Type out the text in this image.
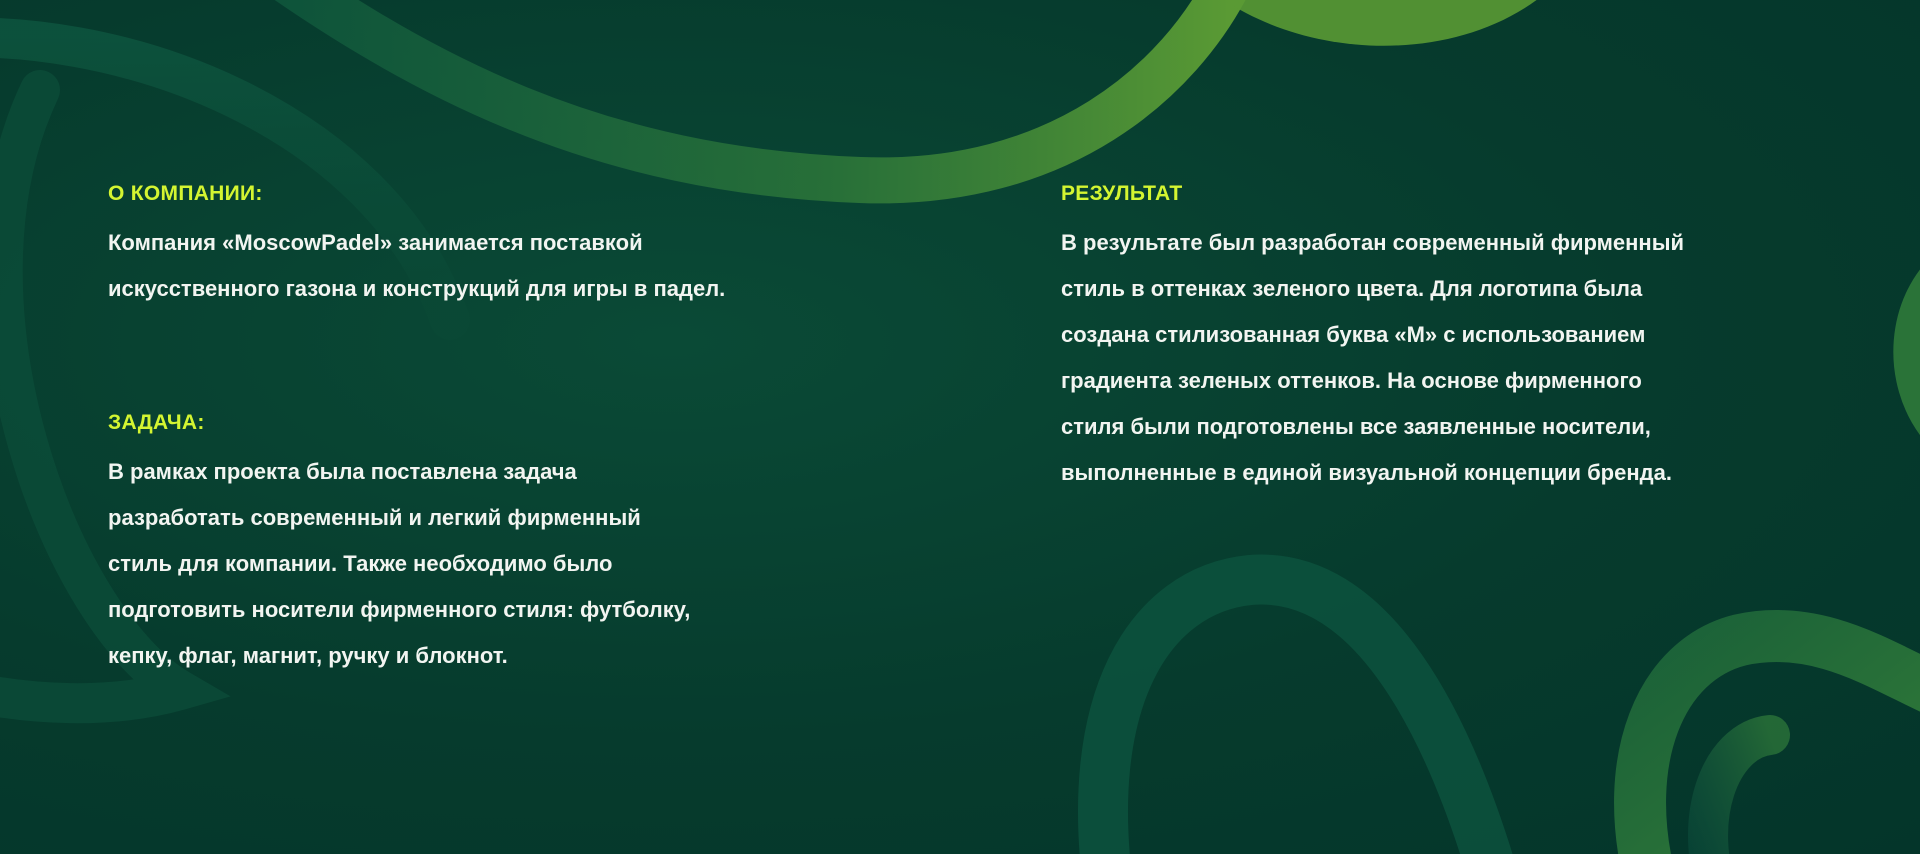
О КОМПАНИИ:
Компания «MoscowPadel» занимается поставкой
искусственного газона и конструкций для игры в падел.
ЗАДАЧА:
В рамках проекта была поставлена задача
разработать современный и легкий фирменный
стиль для компании. Также необходимо было
подготовить носители фирменного стиля: футболку,
кепку, флаг, магнит, ручку и блокнот.
РЕЗУЛЬТАТ
В результате был разработан современный фирменный
стиль в оттенках зеленого цвета. Для логотипа была
создана стилизованная буква «М» с использованием
градиента зеленых оттенков. На основе фирменного
стиля были подготовлены все заявленные носители,
выполненные в единой визуальной концепции бренда.
